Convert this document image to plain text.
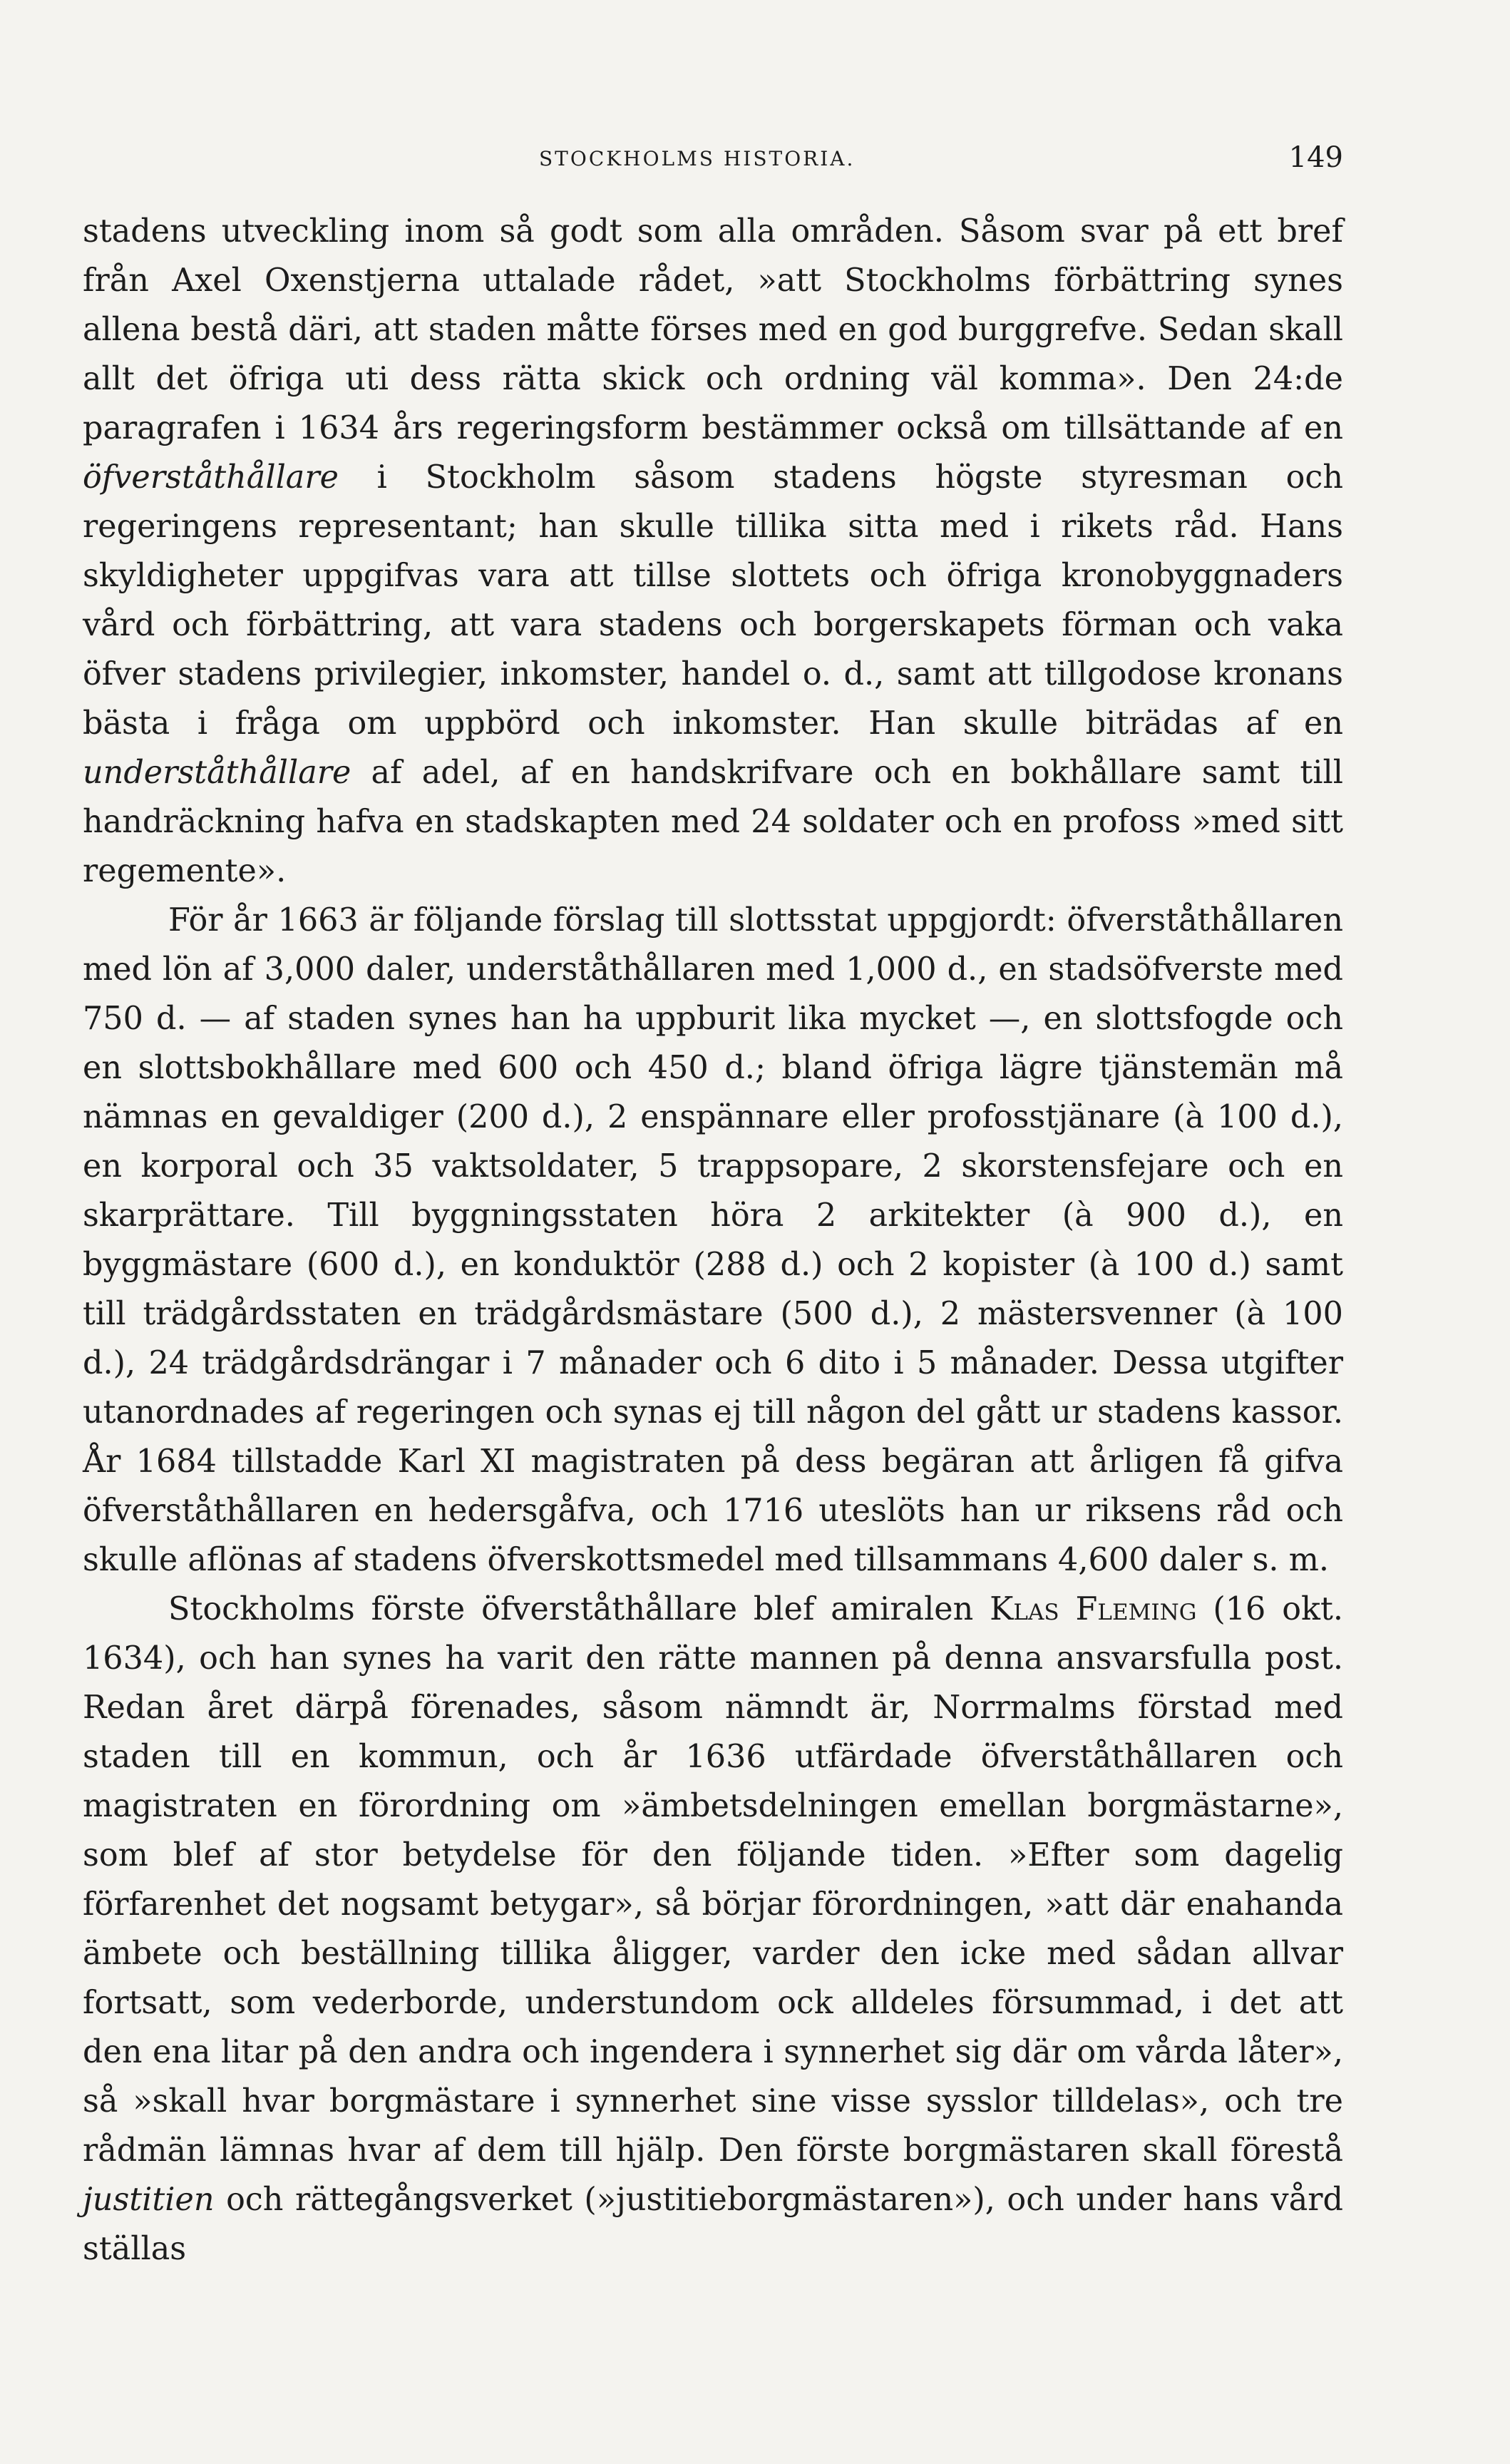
STOCKHOLMS HISTORIA.	149

stadens utveckling inom så godt som alla områden. Såsom svar på ett bref från Axel Oxenstjerna uttalade rådet, »att Stockholms förbättring synes allena bestå däri, att staden måtte förses med en god burggrefve. Sedan skall allt det öfriga uti dess rätta skick och ordning väl komma». Den 24:de paragrafen i 1634 års regeringsform bestämmer också om tillsättande af en öfverståthållare i Stockholm såsom stadens högste styresman och regeringens representant; han skulle tillika sitta med i rikets råd. Hans skyldigheter uppgifvas vara att tillse slottets och öfriga kronobyggnaders vård och förbättring, att vara stadens och borgerskapets förman och vaka öfver stadens privilegier, inkomster, handel o. d., samt att tillgodose kronans bästa i fråga om uppbörd och inkomster. Han skulle biträdas af en underståthållare af adel, af en handskrifvare och en bokhållare samt till handräckning hafva en stadskapten med 24 soldater och en profoss »med sitt regemente».

För år 1663 är följande förslag till slottsstat uppgjordt: öfverståthållaren med lön af 3,000 daler, underståthållaren med 1,000 d., en stadsöfverste med 750 d. — af staden synes han ha uppburit lika mycket —, en slottsfogde och en slottsbokhållare med 600 och 450 d.; bland öfriga lägre tjänstemän må nämnas en gevaldiger (200 d.), 2 enspännare eller profosstjänare (à 100 d.), en korporal och 35 vaktsoldater, 5 trappsopare, 2 skorstensfejare och en skarprättare. Till byggningsstaten höra 2 arkitekter (à 900 d.), en byggmästare (600 d.), en konduktör (288 d.) och 2 kopister (à 100 d.) samt till trädgårdsstaten en trädgårdsmästare (500 d.), 2 mästersvenner (à 100 d.), 24 trädgårdsdrängar i 7 månader och 6 dito i 5 månader. Dessa utgifter utanordnades af regeringen och synas ej till någon del gått ur stadens kassor. År 1684 tillstadde Karl XI magistraten på dess begäran att årligen få gifva öfverståthållaren en hedersgåfva, och 1716 uteslöts han ur riksens råd och skulle aflönas af stadens öfverskottsmedel med tillsammans 4,600 daler s. m.

Stockholms förste öfverståthållare blef amiralen Klas Fleming (16 okt. 1634), och han synes ha varit den rätte mannen på denna ansvarsfulla post. Redan året därpå förenades, såsom nämndt är, Norrmalms förstad med staden till en kommun, och år 1636 utfärdade öfverståthållaren och magistraten en förordning om »ämbetsdelningen emellan borgmästarne», som blef af stor betydelse för den följande tiden. »Efter som dagelig förfarenhet det nogsamt betygar», så börjar förordningen, »att där enahanda ämbete och beställning tillika åligger, varder den icke med sådan allvar fortsatt, som vederborde, understundom ock alldeles försummad, i det att den ena litar på den andra och ingendera i synnerhet sig där om vårda låter», så »skall hvar borgmästare i synnerhet sine visse sysslor tilldelas», och tre rådmän lämnas hvar af dem till hjälp. Den förste borgmästaren skall förestå justitien och rättegångsverket (»justitieborgmästaren»), och under hans vård ställas
